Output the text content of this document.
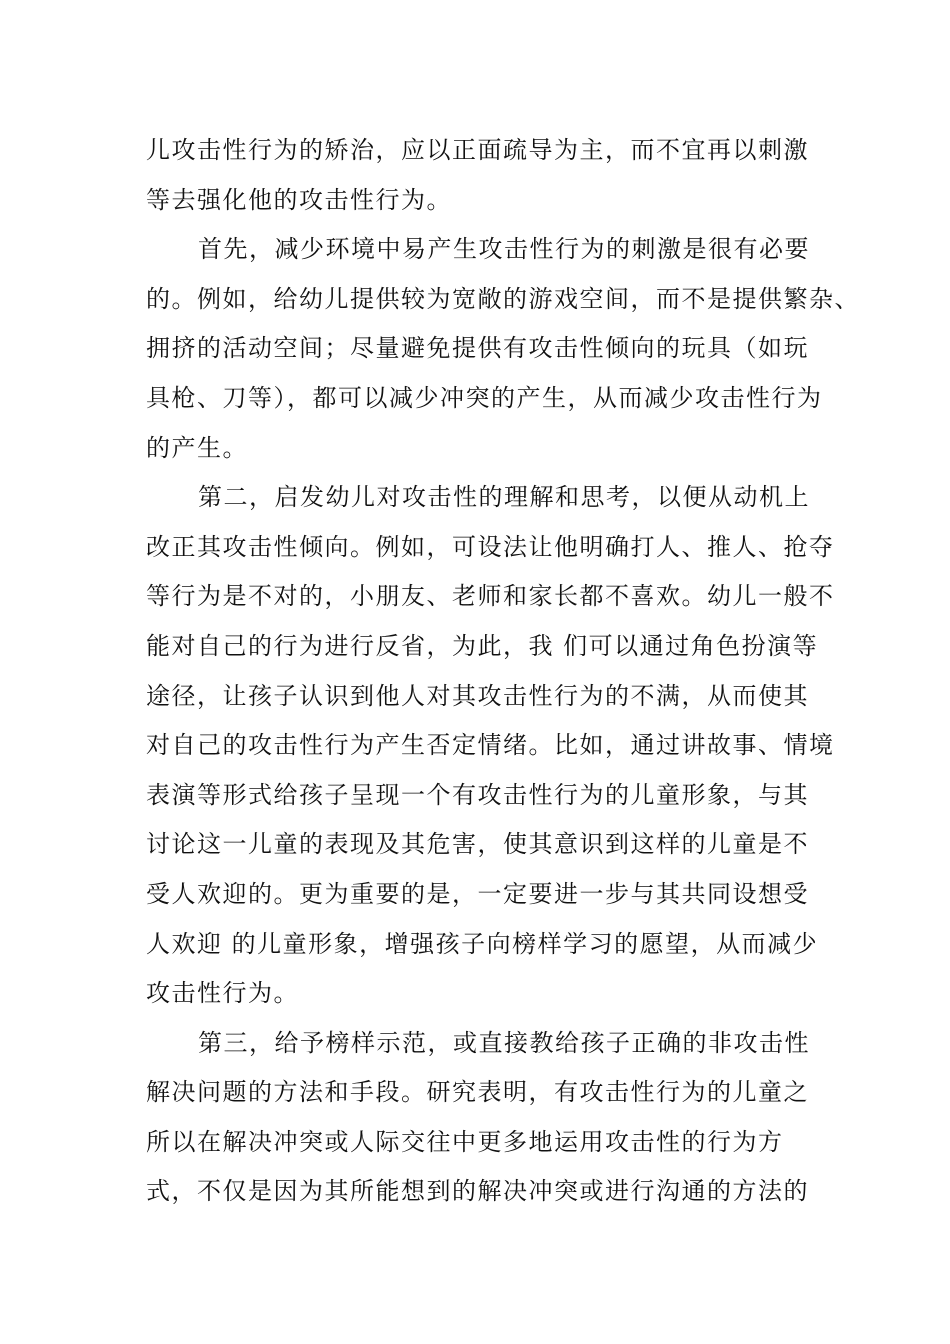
儿攻击性行为的矫治，应以正面疏导为主，而不宜再以刺激
等去强化他的攻击性行为。
首先，减少环境中易产生攻击性行为的刺激是很有必要
的。例如，给幼儿提供较为宽敞的游戏空间，而不是提供繁杂、
拥挤的活动空间；尽量避免提供有攻击性倾向的玩具（如玩
具枪、刀等），都可以减少冲突的产生，从而减少攻击性行为
的产生。
第二，启发幼儿对攻击性的理解和思考，以便从动机上
改正其攻击性倾向。例如，可设法让他明确打人、推人、抢夺
等行为是不对的，小朋友、老师和家长都不喜欢。幼儿一般不
能对自己的行为进行反省，为此，我 们可以通过角色扮演等
途径，让孩子认识到他人对其攻击性行为的不满，从而使其
对自己的攻击性行为产生否定情绪。比如，通过讲故事、情境
表演等形式给孩子呈现一个有攻击性行为的儿童形象，与其
讨论这一儿童的表现及其危害，使其意识到这样的儿童是不
受人欢迎的。更为重要的是，一定要进一步与其共同设想受
人欢迎 的儿童形象，增强孩子向榜样学习的愿望，从而减少
攻击性行为。
第三，给予榜样示范，或直接教给孩子正确的非攻击性
解决问题的方法和手段。研究表明，有攻击性行为的儿童之
所以在解决冲突或人际交往中更多地运用攻击性的行为方
式，不仅是因为其所能想到的解决冲突或进行沟通的方法的
